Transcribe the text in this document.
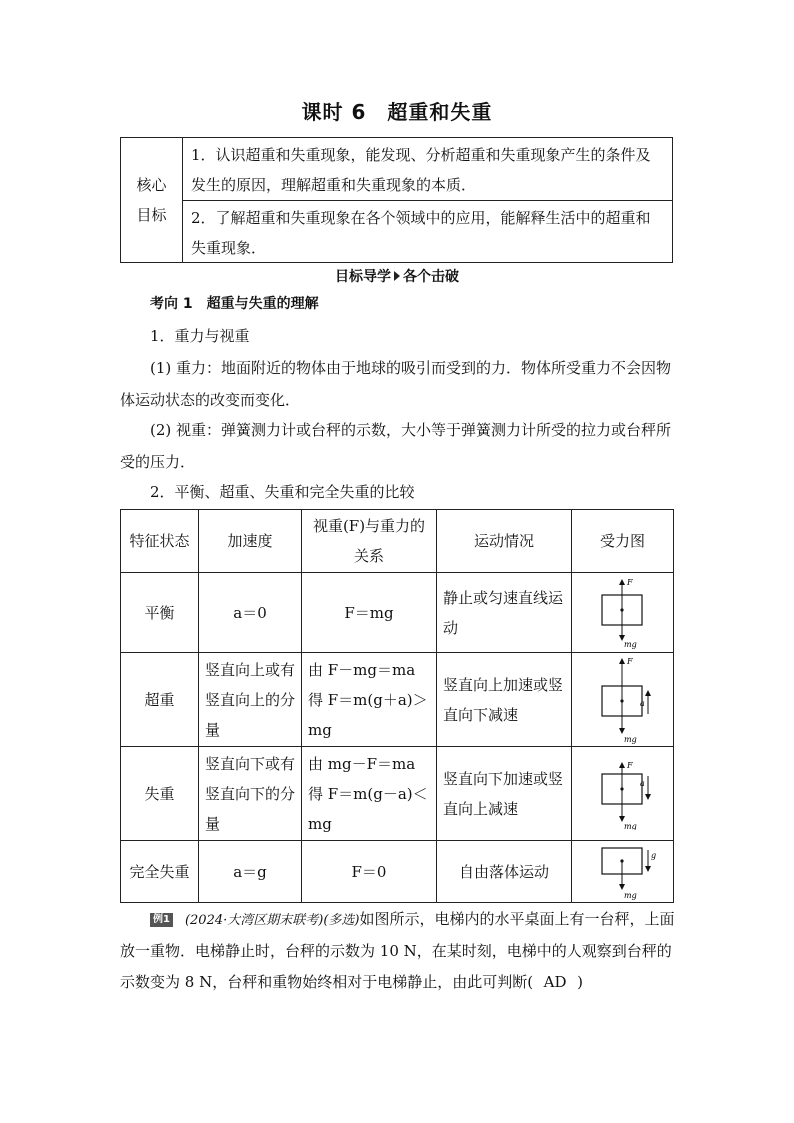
课时 6　超重和失重
核心
目标
1．认识超重和失重现象，能发现、分析超重和失重现象产生的条件及发生的原因，理解超重和失重现象的本质．
2．了解超重和失重现象在各个领域中的应用，能解释生活中的超重和失重现象．
目标导学 各个击破
考向 1　超重与失重的理解
1．重力与视重
(1) 重力：地面附近的物体由于地球的吸引而受到的力．物体所受重力不会因物体运动状态的改变而变化．
(2) 视重：弹簧测力计或台秤的示数，大小等于弹簧测力计所受的拉力或台秤所受的压力．
2．平衡、超重、失重和完全失重的比较
特征状态	加速度	视重(F)与重力的关系	运动情况	受力图
平衡	a＝0	F＝mg	静止或匀速直线运动	F
mg

超重	竖直向上或有竖直向上的分量	由 F－mg＝ma 得 F＝m(g＋a)＞mg	竖直向上加速或竖直向下减速	F
mg
a

失重	竖直向下或有竖直向下的分量	由 mg－F＝ma 得 F＝m(g－a)＜mg	竖直向下加速或竖直向上减速	F
mg
a

完全失重	a＝g	F＝0	自由落体运动	mg
g
例1 (2024·大湾区期末联考)(多选)如图所示，电梯内的水平桌面上有一台秤，上面放一重物．电梯静止时，台秤的示数为 10 N，在某时刻，电梯中的人观察到台秤的示数变为 8 N，台秤和重物始终相对于电梯静止，由此可判断( AD )
